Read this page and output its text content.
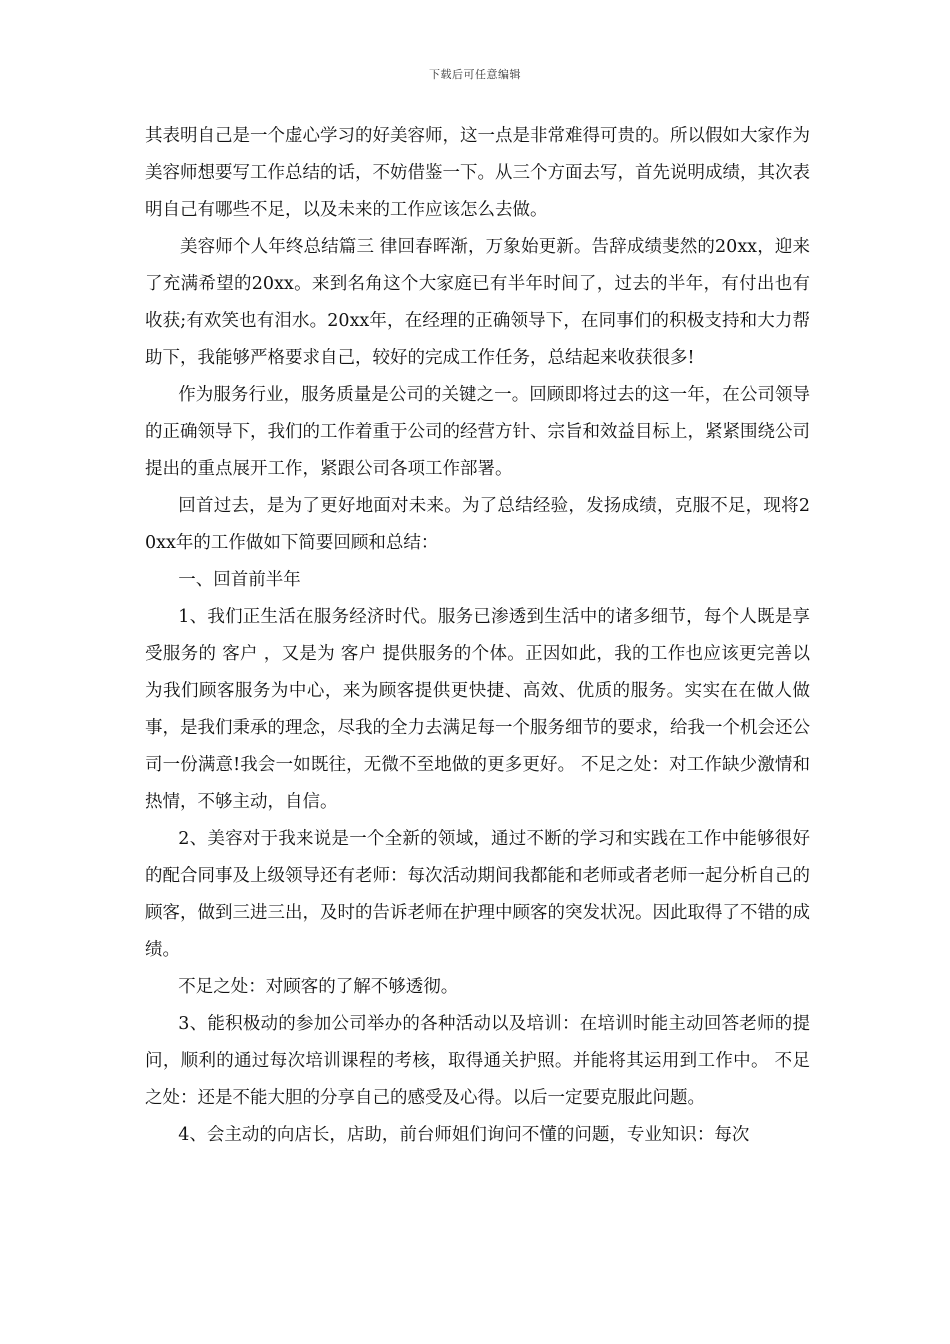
下载后可任意编辑

其表明自己是一个虚心学习的好美容师，这一点是非常难得可贵的。所以假如大家作为美容师想要写工作总结的话，不妨借鉴一下。从三个方面去写，首先说明成绩，其次表明自己有哪些不足，以及未来的工作应该怎么去做。

美容师个人年终总结篇三 律回春晖渐，万象始更新。告辞成绩斐然的20xx，迎来了充满希望的20xx。来到名角这个大家庭已有半年时间了，过去的半年，有付出也有收获;有欢笑也有泪水。20xx年，在经理的正确领导下，在同事们的积极支持和大力帮助下，我能够严格要求自己，较好的完成工作任务，总结起来收获很多!

作为服务行业，服务质量是公司的关键之一。回顾即将过去的这一年，在公司领导的正确领导下，我们的工作着重于公司的经营方针、宗旨和效益目标上，紧紧围绕公司提出的重点展开工作，紧跟公司各项工作部署。

回首过去，是为了更好地面对未来。为了总结经验，发扬成绩，克服不足，现将20xx年的工作做如下简要回顾和总结：

一、回首前半年

1、我们正生活在服务经济时代。服务已渗透到生活中的诸多细节，每个人既是享受服务的 客户 ，又是为 客户 提供服务的个体。正因如此，我的工作也应该更完善以为我们顾客服务为中心，来为顾客提供更快捷、高效、优质的服务。实实在在做人做事，是我们秉承的理念，尽我的全力去满足每一个服务细节的要求，给我一个机会还公司一份满意!我会一如既往，无微不至地做的更多更好。 不足之处：对工作缺少激情和热情，不够主动，自信。

2、美容对于我来说是一个全新的领域，通过不断的学习和实践在工作中能够很好的配合同事及上级领导还有老师：每次活动期间我都能和老师或者老师一起分析自己的顾客，做到三进三出，及时的告诉老师在护理中顾客的突发状况。因此取得了不错的成绩。

不足之处：对顾客的了解不够透彻。

3、能积极动的参加公司举办的各种活动以及培训：在培训时能主动回答老师的提问，顺利的通过每次培训课程的考核，取得通关护照。并能将其运用到工作中。 不足之处：还是不能大胆的分享自己的感受及心得。以后一定要克服此问题。

4、会主动的向店长，店助，前台师姐们询问不懂的问题，专业知识：每次
